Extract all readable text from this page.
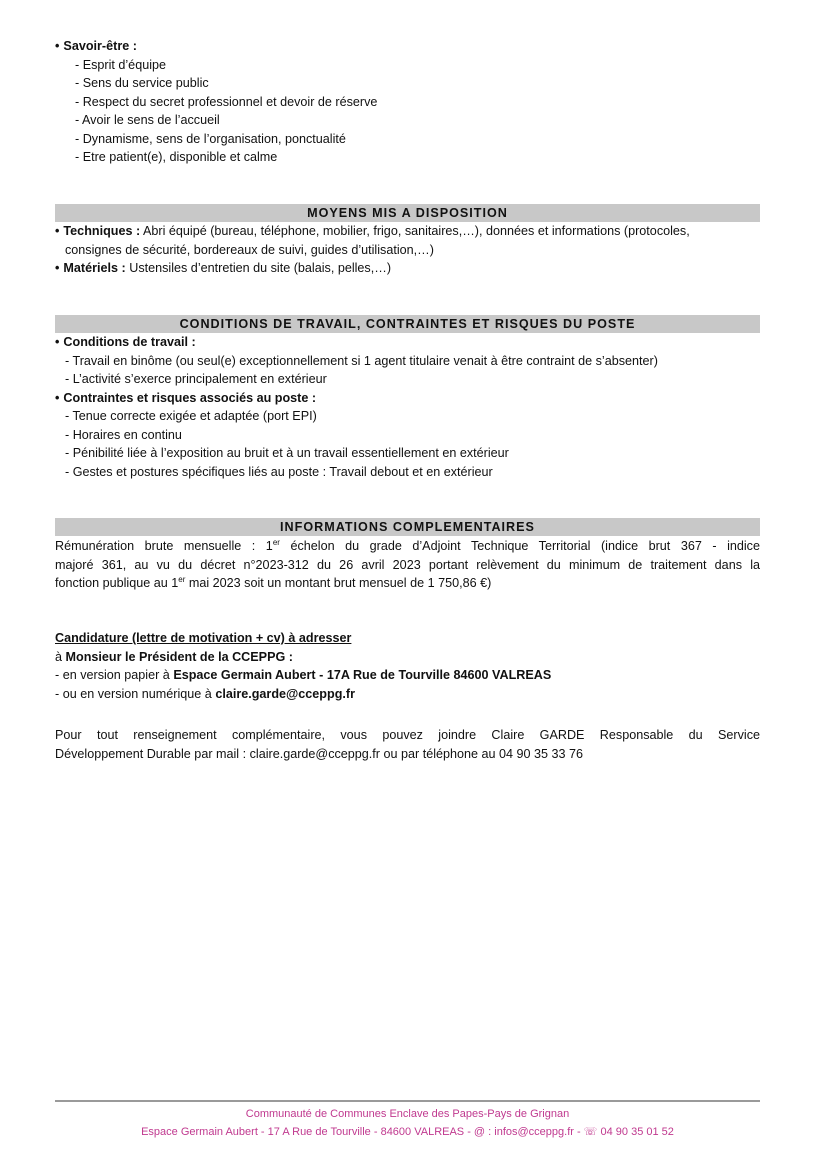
• Savoir-être :
- Esprit d’équipe
- Sens du service public
- Respect du secret professionnel et devoir de réserve
- Avoir le sens de l’accueil
- Dynamisme, sens de l’organisation, ponctualité
- Etre patient(e), disponible et calme
MOYENS MIS A DISPOSITION
• Techniques : Abri équipé (bureau, téléphone, mobilier, frigo, sanitaires,…), données et informations (protocoles,
consignes de sécurité, bordereaux de suivi, guides d’utilisation,…)
• Matériels : Ustensiles d’entretien du site (balais, pelles,…)
CONDITIONS DE TRAVAIL, CONTRAINTES ET RISQUES DU POSTE
• Conditions de travail :
- Travail en binôme (ou seul(e) exceptionnellement si 1 agent titulaire venait à être contraint de s’absenter)
- L’activité s’exerce principalement en extérieur
• Contraintes et risques associés au poste :
- Tenue correcte exigée et adaptée (port EPI)
- Horaires en continu
- Pénibilité liée à l’exposition au bruit et à un travail essentiellement en extérieur
- Gestes et postures spécifiques liés au poste : Travail debout et en extérieur
INFORMATIONS COMPLEMENTAIRES
Rémunération brute mensuelle : 1er échelon du grade d’Adjoint Technique Territorial (indice brut 367 - indice
majoré 361, au vu du décret n°2023-312 du 26 avril 2023 portant relèvement du minimum de traitement dans la
fonction publique au 1er mai 2023 soit un montant brut mensuel de 1 750,86 €)
Candidature (lettre de motivation + cv) à adresser
à Monsieur le Président de la CCEPPG :
- en version papier à Espace Germain Aubert - 17A Rue de Tourville 84600 VALREAS
- ou en version numérique à claire.garde@cceppg.fr
Pour tout renseignement complémentaire, vous pouvez joindre Claire GARDE Responsable du Service
Développement Durable par mail : claire.garde@cceppg.fr ou par téléphone au 04 90 35 33 76
Communauté de Communes Enclave des Papes-Pays de Grignan
Espace Germain Aubert - 17 A Rue de Tourville - 84600 VALREAS - @ : infos@cceppg.fr - ☏ 04 90 35 01 52
